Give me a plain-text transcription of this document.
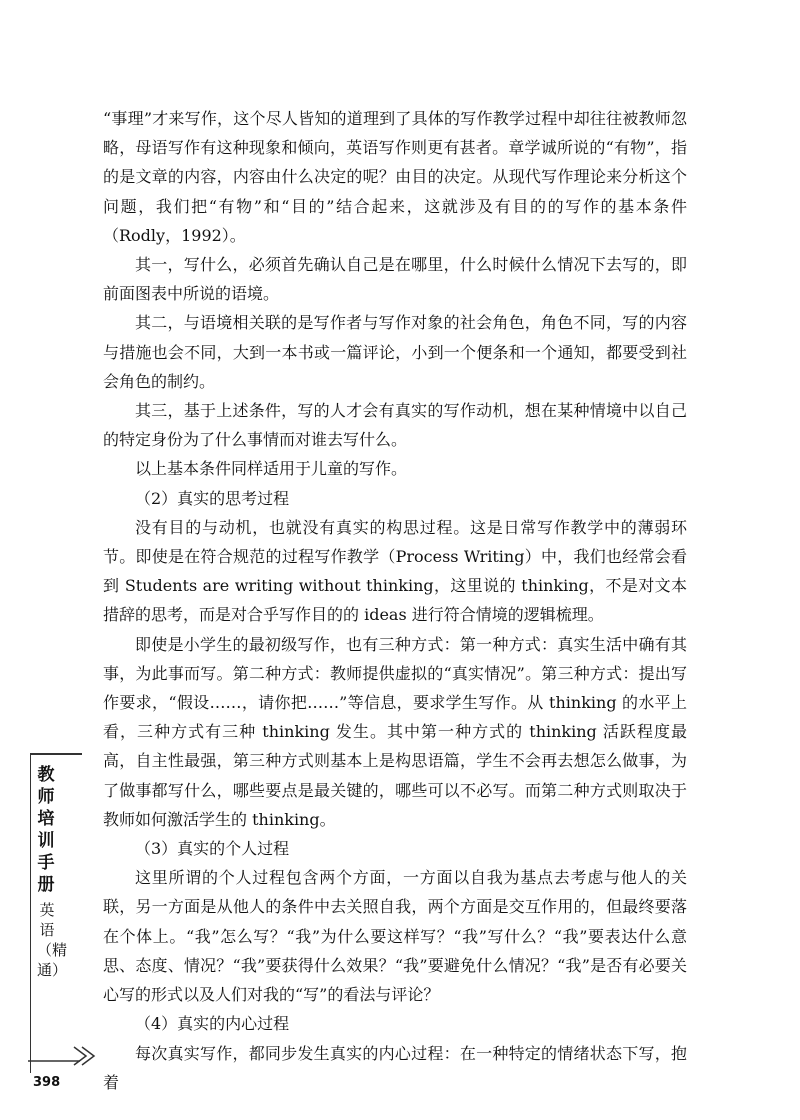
“事理”才来写作，这个尽人皆知的道理到了具体的写作教学过程中却往往被教师忽略，母语写作有这种现象和倾向，英语写作则更有甚者。章学诚所说的“有物”，指的是文章的内容，内容由什么决定的呢？由目的决定。从现代写作理论来分析这个问题，我们把“有物”和“目的”结合起来，这就涉及有目的的写作的基本条件（Rodly，1992）。

其一，写什么，必须首先确认自己是在哪里，什么时候什么情况下去写的，即前面图表中所说的语境。

其二，与语境相关联的是写作者与写作对象的社会角色，角色不同，写的内容与措施也会不同，大到一本书或一篇评论，小到一个便条和一个通知，都要受到社会角色的制约。

其三，基于上述条件，写的人才会有真实的写作动机，想在某种情境中以自己的特定身份为了什么事情而对谁去写什么。

以上基本条件同样适用于儿童的写作。

（2）真实的思考过程

没有目的与动机，也就没有真实的构思过程。这是日常写作教学中的薄弱环节。即使是在符合规范的过程写作教学（Process Writing）中，我们也经常会看到 Students are writing without thinking，这里说的 thinking，不是对文本措辞的思考，而是对合乎写作目的的 ideas 进行符合情境的逻辑梳理。

即使是小学生的最初级写作，也有三种方式：第一种方式：真实生活中确有其事，为此事而写。第二种方式：教师提供虚拟的“真实情况”。第三种方式：提出写作要求，“假设……，请你把……”等信息，要求学生写作。从 thinking 的水平上看，三种方式有三种 thinking 发生。其中第一种方式的 thinking 活跃程度最高，自主性最强，第三种方式则基本上是构思语篇，学生不会再去想怎么做事，为了做事都写什么，哪些要点是最关键的，哪些可以不必写。而第二种方式则取决于教师如何激活学生的 thinking。

（3）真实的个人过程

这里所谓的个人过程包含两个方面，一方面以自我为基点去考虑与他人的关联，另一方面是从他人的条件中去关照自我，两个方面是交互作用的，但最终要落在个体上。“我”怎么写？“我”为什么要这样写？“我”写什么？“我”要表达什么意思、态度、情况？“我”要获得什么效果？“我”要避免什么情况？“我”是否有必要关心写的形式以及人们对我的“写”的看法与评论？

（4）真实的内心过程

每次真实写作，都同步发生真实的内心过程：在一种特定的情绪状态下写，抱着

教师培训手册
英语（精通）
398
